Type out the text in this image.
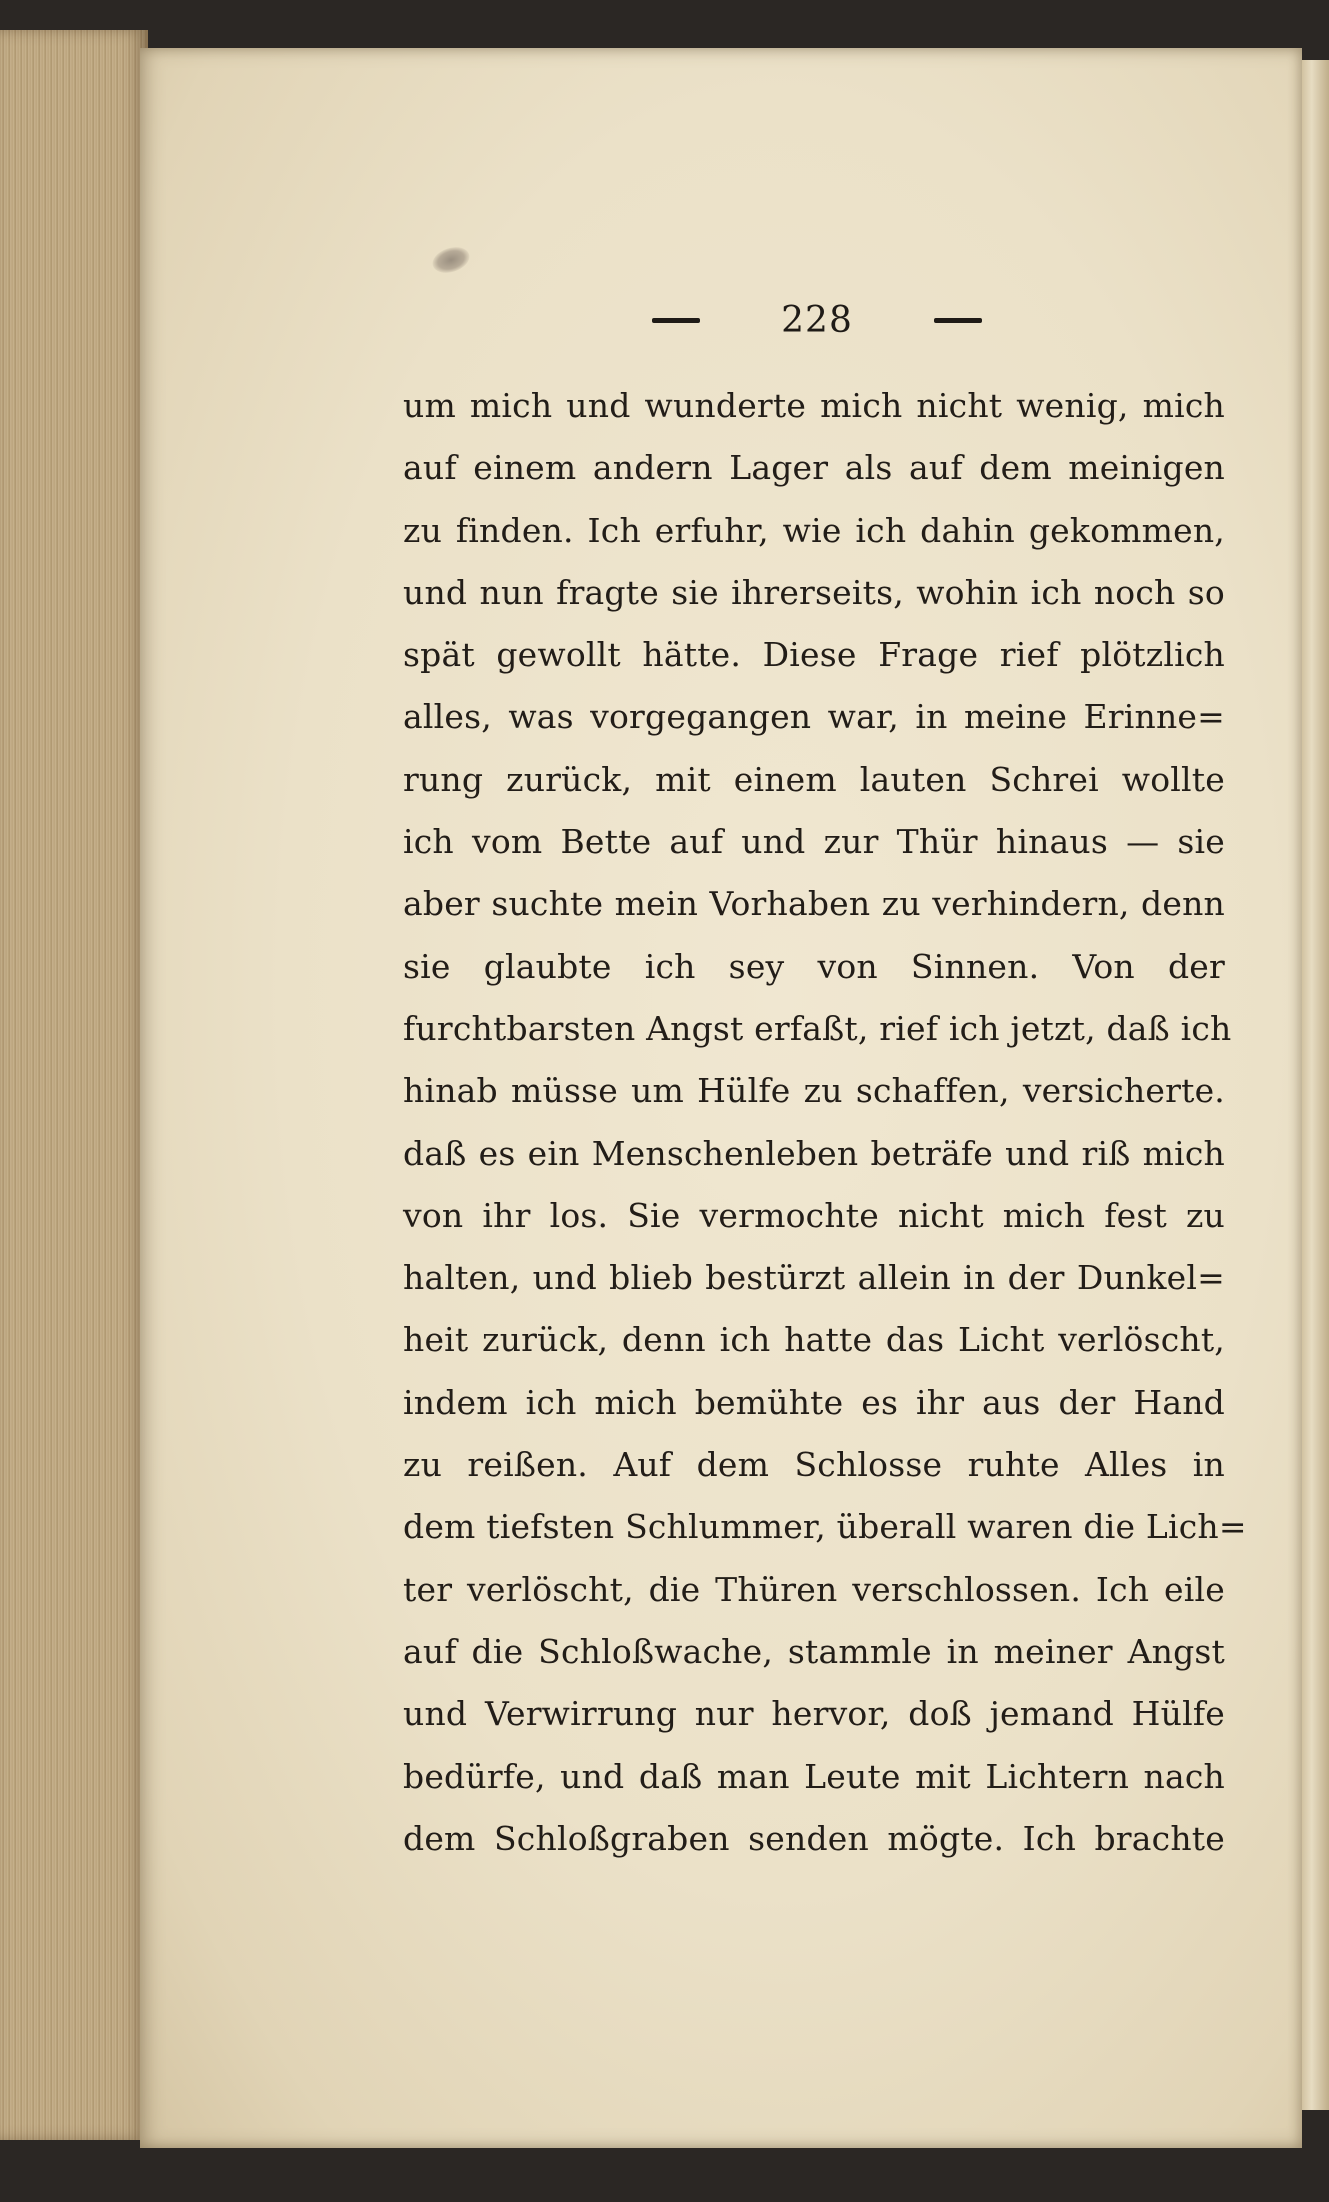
228
um mich und wunderte mich nicht wenig, mich
auf einem andern Lager als auf dem meinigen
zu finden. Ich erfuhr, wie ich dahin gekommen,
und nun fragte sie ihrerseits, wohin ich noch so
spät gewollt hätte. Diese Frage rief plötzlich
alles, was vorgegangen war, in meine Erinne=
rung zurück, mit einem lauten Schrei wollte
ich vom Bette auf und zur Thür hinaus — sie
aber suchte mein Vorhaben zu verhindern, denn
sie glaubte ich sey von Sinnen. Von der
furchtbarsten Angst erfaßt, rief ich jetzt, daß ich
hinab müsse um Hülfe zu schaffen, versicherte.
daß es ein Menschenleben beträfe und riß mich
von ihr los. Sie vermochte nicht mich fest zu
halten, und blieb bestürzt allein in der Dunkel=
heit zurück, denn ich hatte das Licht verlöscht,
indem ich mich bemühte es ihr aus der Hand
zu reißen. Auf dem Schlosse ruhte Alles in
dem tiefsten Schlummer, überall waren die Lich=
ter verlöscht, die Thüren verschlossen. Ich eile
auf die Schloßwache, stammle in meiner Angst
und Verwirrung nur hervor, doß jemand Hülfe
bedürfe, und daß man Leute mit Lichtern nach
dem Schloßgraben senden mögte. Ich brachte
